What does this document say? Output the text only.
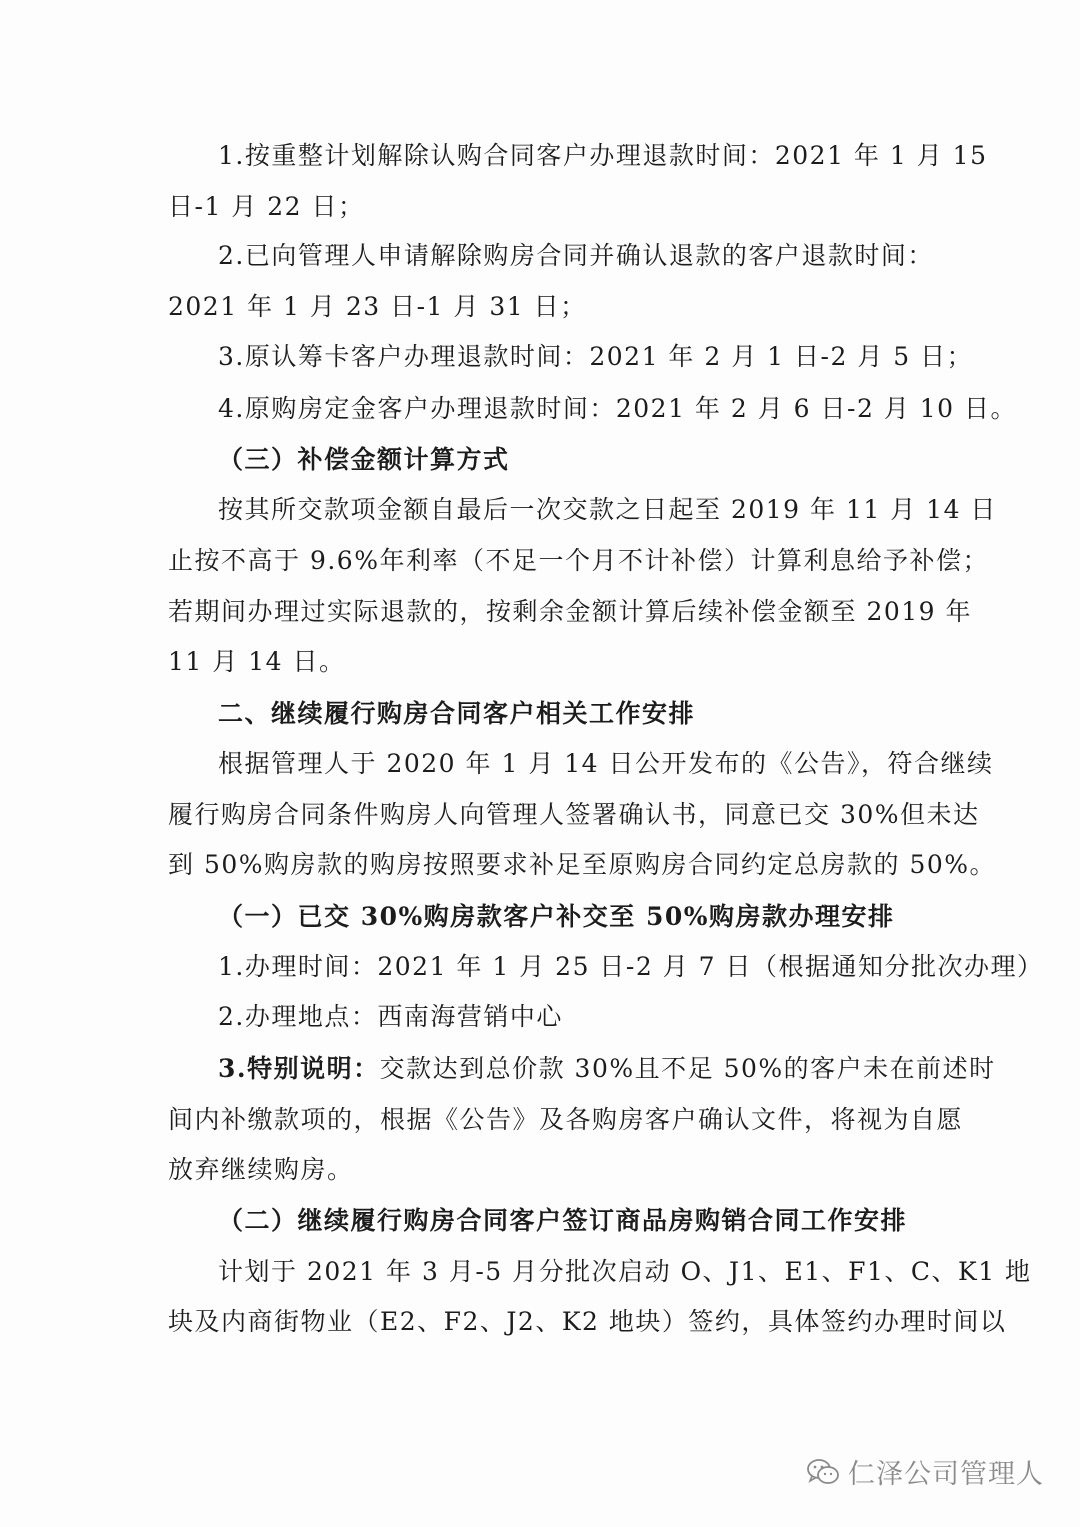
1.按重整计划解除认购合同客户办理退款时间：2021 年 1 月 15
日-1 月 22 日；
2.已向管理人申请解除购房合同并确认退款的客户退款时间：
2021 年 1 月 23 日-1 月 31 日；
3.原认筹卡客户办理退款时间：2021 年 2 月 1 日-2 月 5 日；
4.原购房定金客户办理退款时间：2021 年 2 月 6 日-2 月 10 日。
（三）补偿金额计算方式
按其所交款项金额自最后一次交款之日起至 2019 年 11 月 14 日
止按不高于 9.6%年利率（不足一个月不计补偿）计算利息给予补偿；
若期间办理过实际退款的，按剩余金额计算后续补偿金额至 2019 年
11 月 14 日。
二、继续履行购房合同客户相关工作安排
根据管理人于 2020 年 1 月 14 日公开发布的《公告》，符合继续
履行购房合同条件购房人向管理人签署确认书，同意已交 30%但未达
到 50%购房款的购房按照要求补足至原购房合同约定总房款的 50%。
（一）已交 30%购房款客户补交至 50%购房款办理安排
1.办理时间：2021 年 1 月 25 日-2 月 7 日（根据通知分批次办理）
2.办理地点：西南海营销中心
3.特别说明：交款达到总价款 30%且不足 50%的客户未在前述时
间内补缴款项的，根据《公告》及各购房客户确认文件，将视为自愿
放弃继续购房。
（二）继续履行购房合同客户签订商品房购销合同工作安排
计划于 2021 年 3 月-5 月分批次启动 O、J1、E1、F1、C、K1 地
块及内商街物业（E2、F2、J2、K2 地块）签约，具体签约办理时间以
仁泽公司管理人
